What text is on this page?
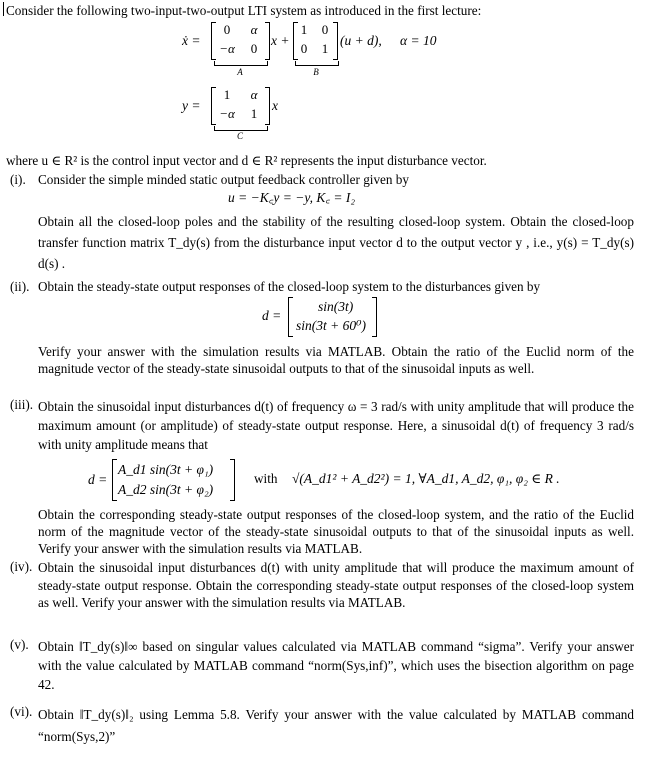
Consider the following two-input-two-output LTI system as introduced in the first lecture:
ẋ =
0	α
−α	0
A
x +
1	0
0	1
B
(u + d), α = 10
y =
1	α
−α	1
C
x
where u ∈ R² is the control input vector and d ∈ R² represents the input disturbance vector.
(i). Consider the simple minded static output feedback controller given by
u = −K꜀y = −y, K꜀ = I₂
Obtain all the closed-loop poles and the stability of the resulting closed-loop system. Obtain the closed-loop transfer function matrix T_dy(s) from the disturbance input vector d to the output vector y , i.e., y(s) = T_dy(s) d(s) .
(ii). Obtain the steady-state output responses of the closed-loop system to the disturbances given by
d =
sin(3t)
sin(3t + 60⁰)
Verify your answer with the simulation results via MATLAB. Obtain the ratio of the Euclid norm of the magnitude vector of the steady-state sinusoidal outputs to that of the sinusoidal inputs as well.
(iii). Obtain the sinusoidal input disturbances d(t) of frequency ω = 3 rad/s with unity amplitude that will produce the maximum amount (or amplitude) of steady-state output response. Here, a sinusoidal d(t) of frequency 3 rad/s with unity amplitude means that
d =
A_d1 sin(3t + φ₁)
A_d2 sin(3t + φ₂)
with √(A_d1² + A_d2²) = 1, ∀A_d1, A_d2, φ₁, φ₂ ∈ R .
Obtain the corresponding steady-state output responses of the closed-loop system, and the ratio of the Euclid norm of the magnitude vector of the steady-state sinusoidal outputs to that of the sinusoidal inputs as well. Verify your answer with the simulation results via MATLAB.
(iv). Obtain the sinusoidal input disturbances d(t) with unity amplitude that will produce the maximum amount of steady-state output response. Obtain the corresponding steady-state output responses of the closed-loop system as well. Verify your answer with the simulation results via MATLAB.
(v). Obtain ‖T_dy(s)‖∞ based on singular values calculated via MATLAB command “sigma”. Verify your answer with the value calculated by MATLAB command “norm(Sys,inf)”, which uses the bisection algorithm on page 42.
(vi). Obtain ‖T_dy(s)‖₂ using Lemma 5.8. Verify your answer with the value calculated by MATLAB command “norm(Sys,2)”
